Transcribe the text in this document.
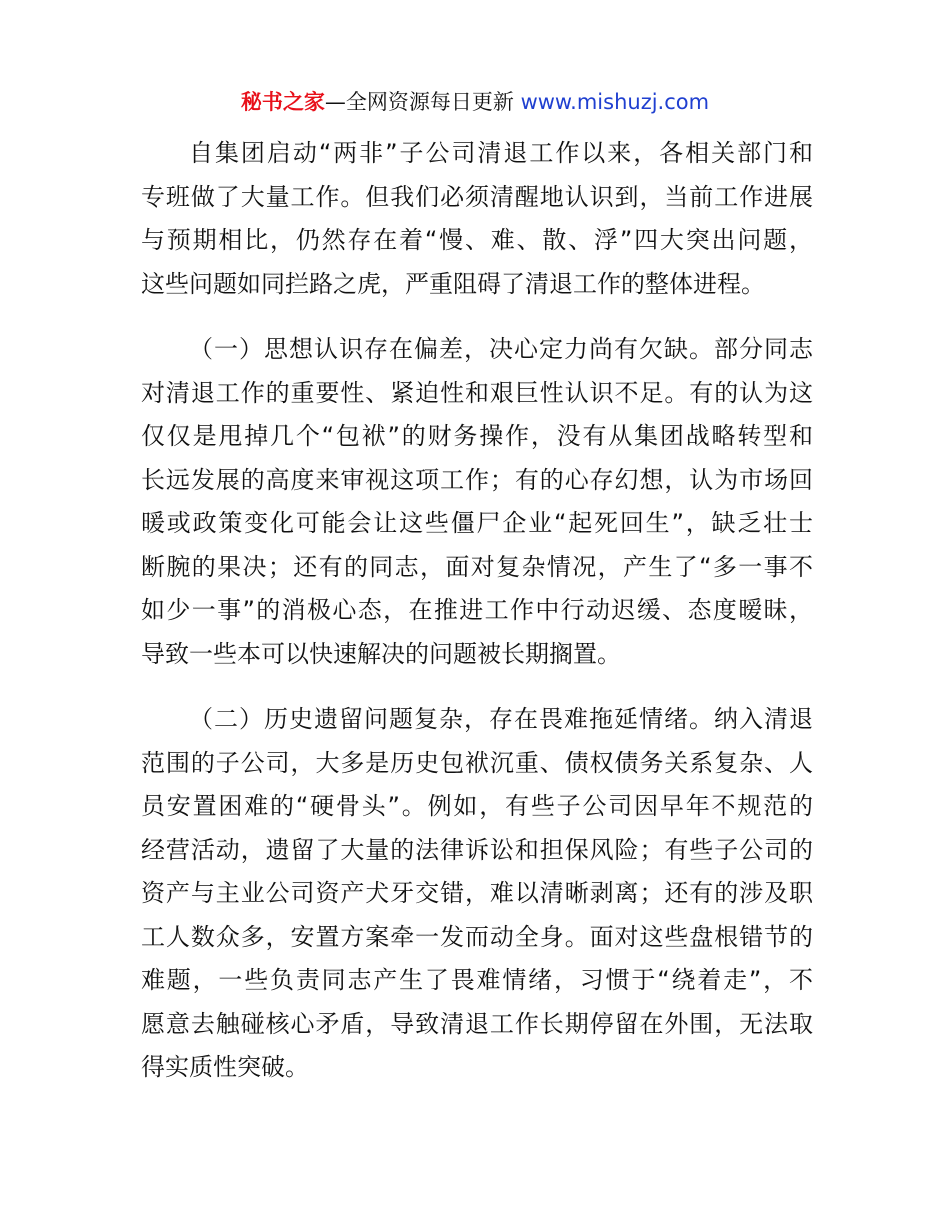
秘书之家—全网资源每日更新 www.mishuzj.com
自集团启动“两非”子公司清退工作以来，各相关部门和
专班做了大量工作。但我们必须清醒地认识到，当前工作进展
与预期相比，仍然存在着“慢、难、散、浮”四大突出问题，
这些问题如同拦路之虎，严重阻碍了清退工作的整体进程。
（一）思想认识存在偏差，决心定力尚有欠缺。部分同志
对清退工作的重要性、紧迫性和艰巨性认识不足。有的认为这
仅仅是甩掉几个“包袱”的财务操作，没有从集团战略转型和
长远发展的高度来审视这项工作；有的心存幻想，认为市场回
暖或政策变化可能会让这些僵尸企业“起死回生”，缺乏壮士
断腕的果决；还有的同志，面对复杂情况，产生了“多一事不
如少一事”的消极心态，在推进工作中行动迟缓、态度暧昧，
导致一些本可以快速解决的问题被长期搁置。
（二）历史遗留问题复杂，存在畏难拖延情绪。纳入清退
范围的子公司，大多是历史包袱沉重、债权债务关系复杂、人
员安置困难的“硬骨头”。例如，有些子公司因早年不规范的
经营活动，遗留了大量的法律诉讼和担保风险；有些子公司的
资产与主业公司资产犬牙交错，难以清晰剥离；还有的涉及职
工人数众多，安置方案牵一发而动全身。面对这些盘根错节的
难题，一些负责同志产生了畏难情绪，习惯于“绕着走”，不
愿意去触碰核心矛盾，导致清退工作长期停留在外围，无法取
得实质性突破。
